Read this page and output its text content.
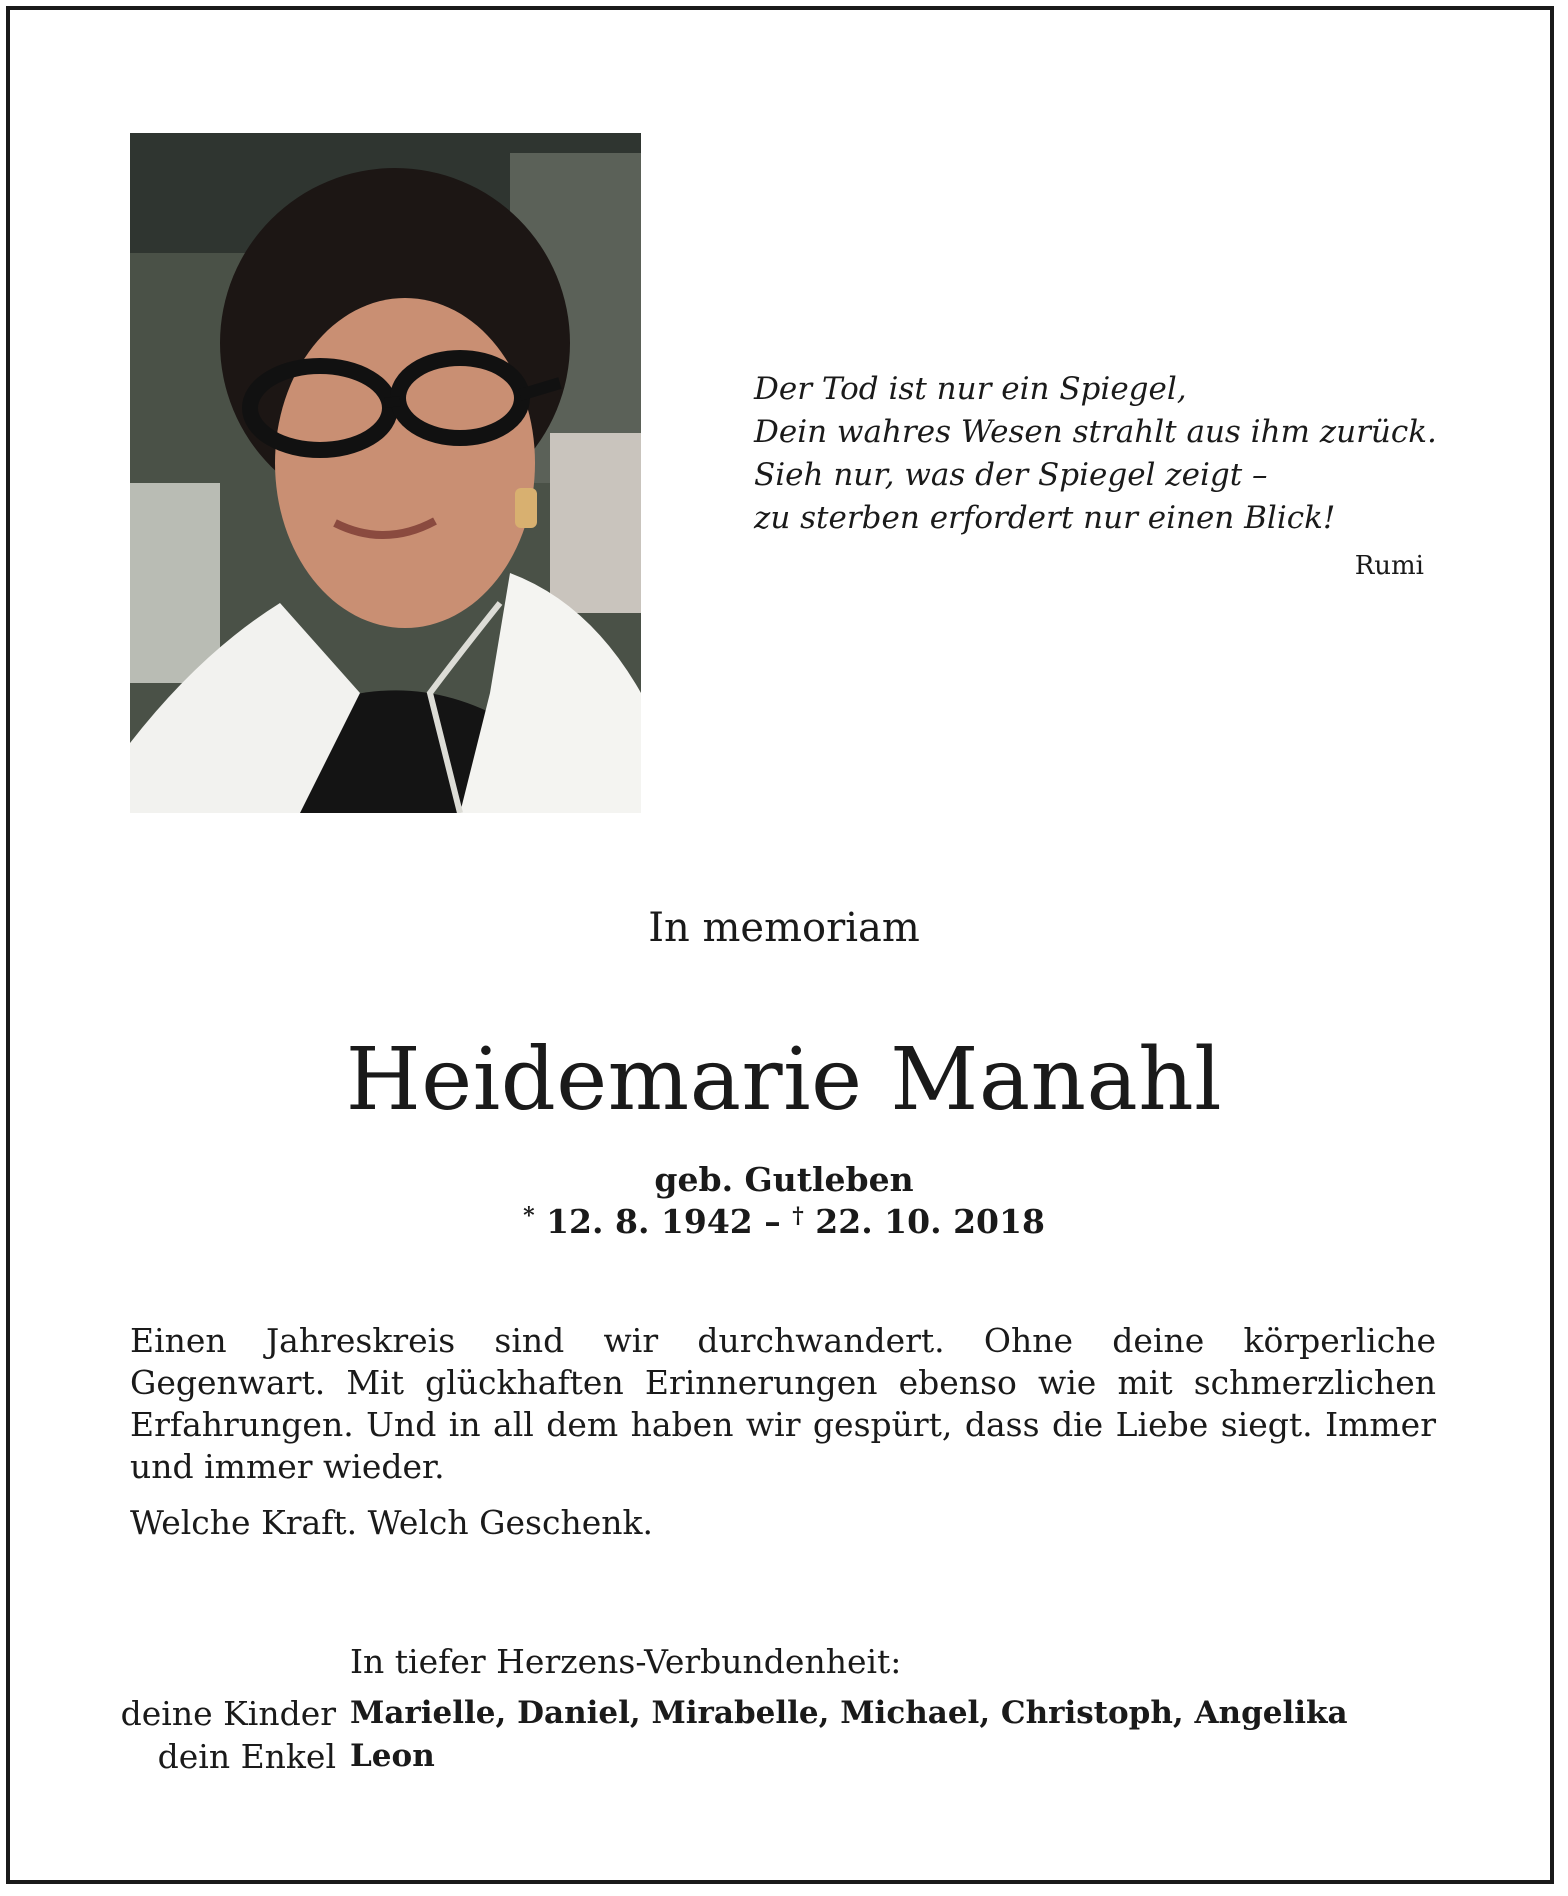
Der Tod ist nur ein Spiegel,
Dein wahres Wesen strahlt aus ihm zurück.
Sieh nur, was der Spiegel zeigt –
zu sterben erfordert nur einen Blick!
Rumi
In memoriam
Heidemarie Manahl
geb. Gutleben
* 12. 8. 1942 – † 22. 10. 2018

Einen Jahreskreis sind wir durchwandert. Ohne deine körperliche Gegenwart. Mit glückhaften Erinnerungen ebenso wie mit schmerzlichen Erfahrungen. Und in all dem haben wir gespürt, dass die Liebe siegt. Immer und immer wieder.

Welche Kraft. Welch Geschenk.

In tiefer Herzens-Verbundenheit:
deine Kinder Marielle, Daniel, Mirabelle, Michael, Christoph, Angelika
dein Enkel Leon
